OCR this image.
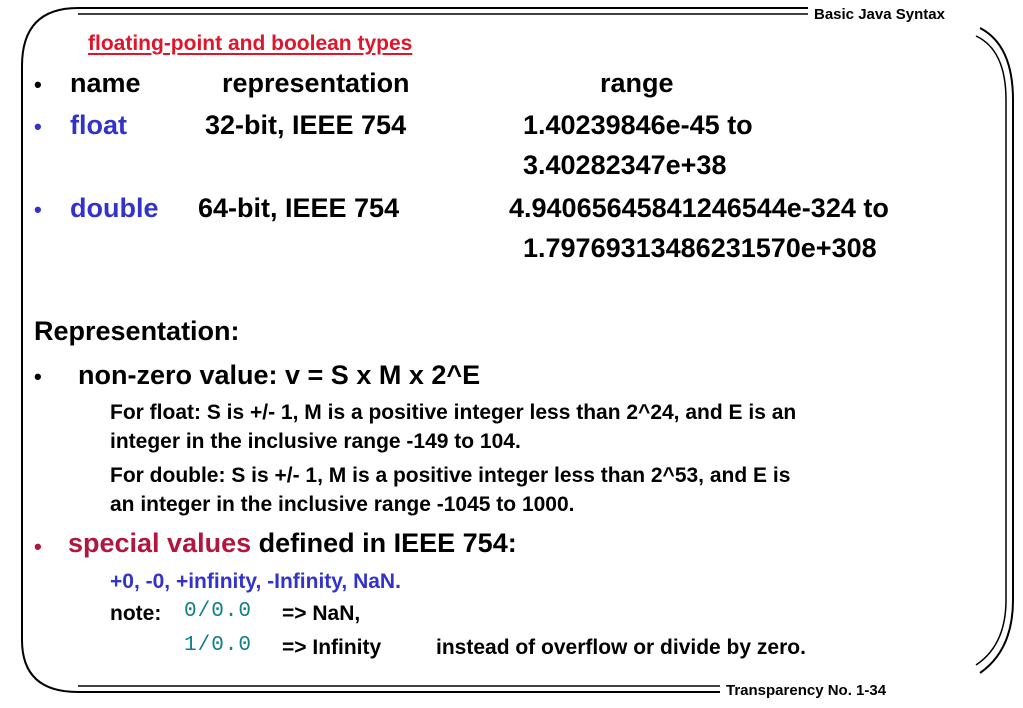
Basic Java Syntax
Transparency No. 1-34
floating-point and boolean types
• name	representation	range
• float	32-bit, IEEE 754	1.40239846e-45 to
3.40282347e+38
• double 64-bit, IEEE 754	4.94065645841246544e-324 to
1.79769313486231570e+308
Representation:
• non-zero value: v = S x M x 2^E
For float: S is +/- 1, M is a positive integer less than 2^24, and E is an
integer in the inclusive range -149 to 104.
For double: S is +/- 1, M is a positive integer less than 2^53, and E is
an integer in the inclusive range -1045 to 1000.
• special values defined in IEEE 754:
+0, -0, +infinity, -Infinity, NaN.
note: 0/0.0 => NaN,
1/0.0 => Infinity	instead of overflow or divide by zero.
